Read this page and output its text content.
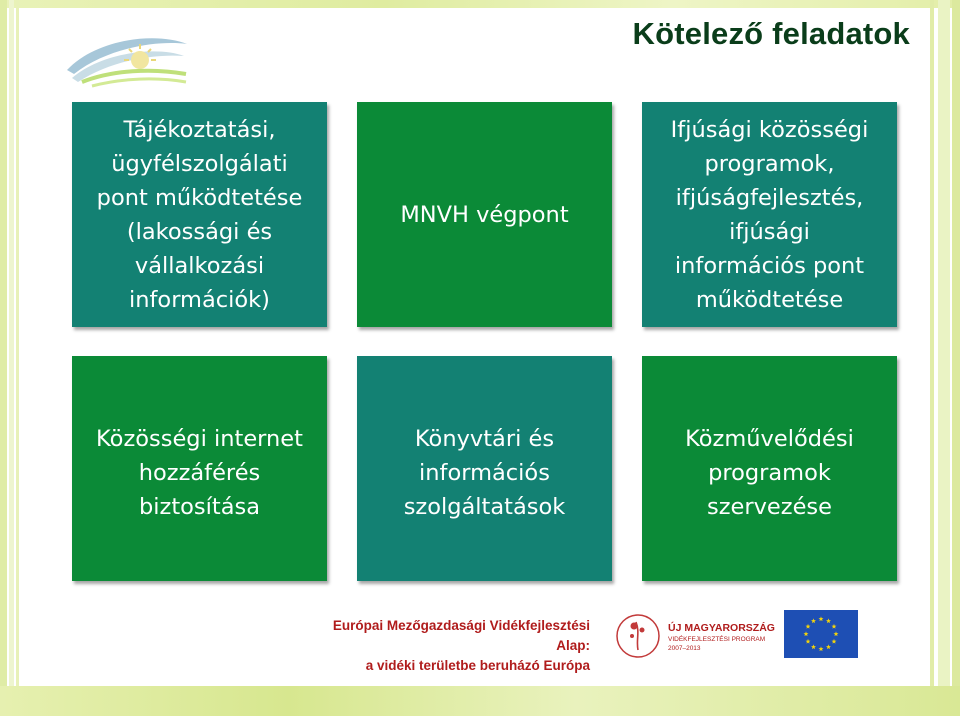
Kötelező feladatok
Tájékoztatási,
ügyfélszolgálati
pont működtetése
(lakossági és
vállalkozási
információk)
MNVH végpont
Ifjúsági közösségi
programok,
ifjúságfejlesztés,
ifjúsági
információs pont
működtetése
Közösségi internet
hozzáférés
biztosítása
Könyvtári és
információs
szolgáltatások
Közművelődési
programok
szervezése
Európai Mezőgazdasági Vidékfejlesztési Alap:
a vidéki területbe beruházó Európa
ÚJ MAGYARORSZÁG
VIDÉKFEJLESZTÉSI PROGRAM
2007–2013
